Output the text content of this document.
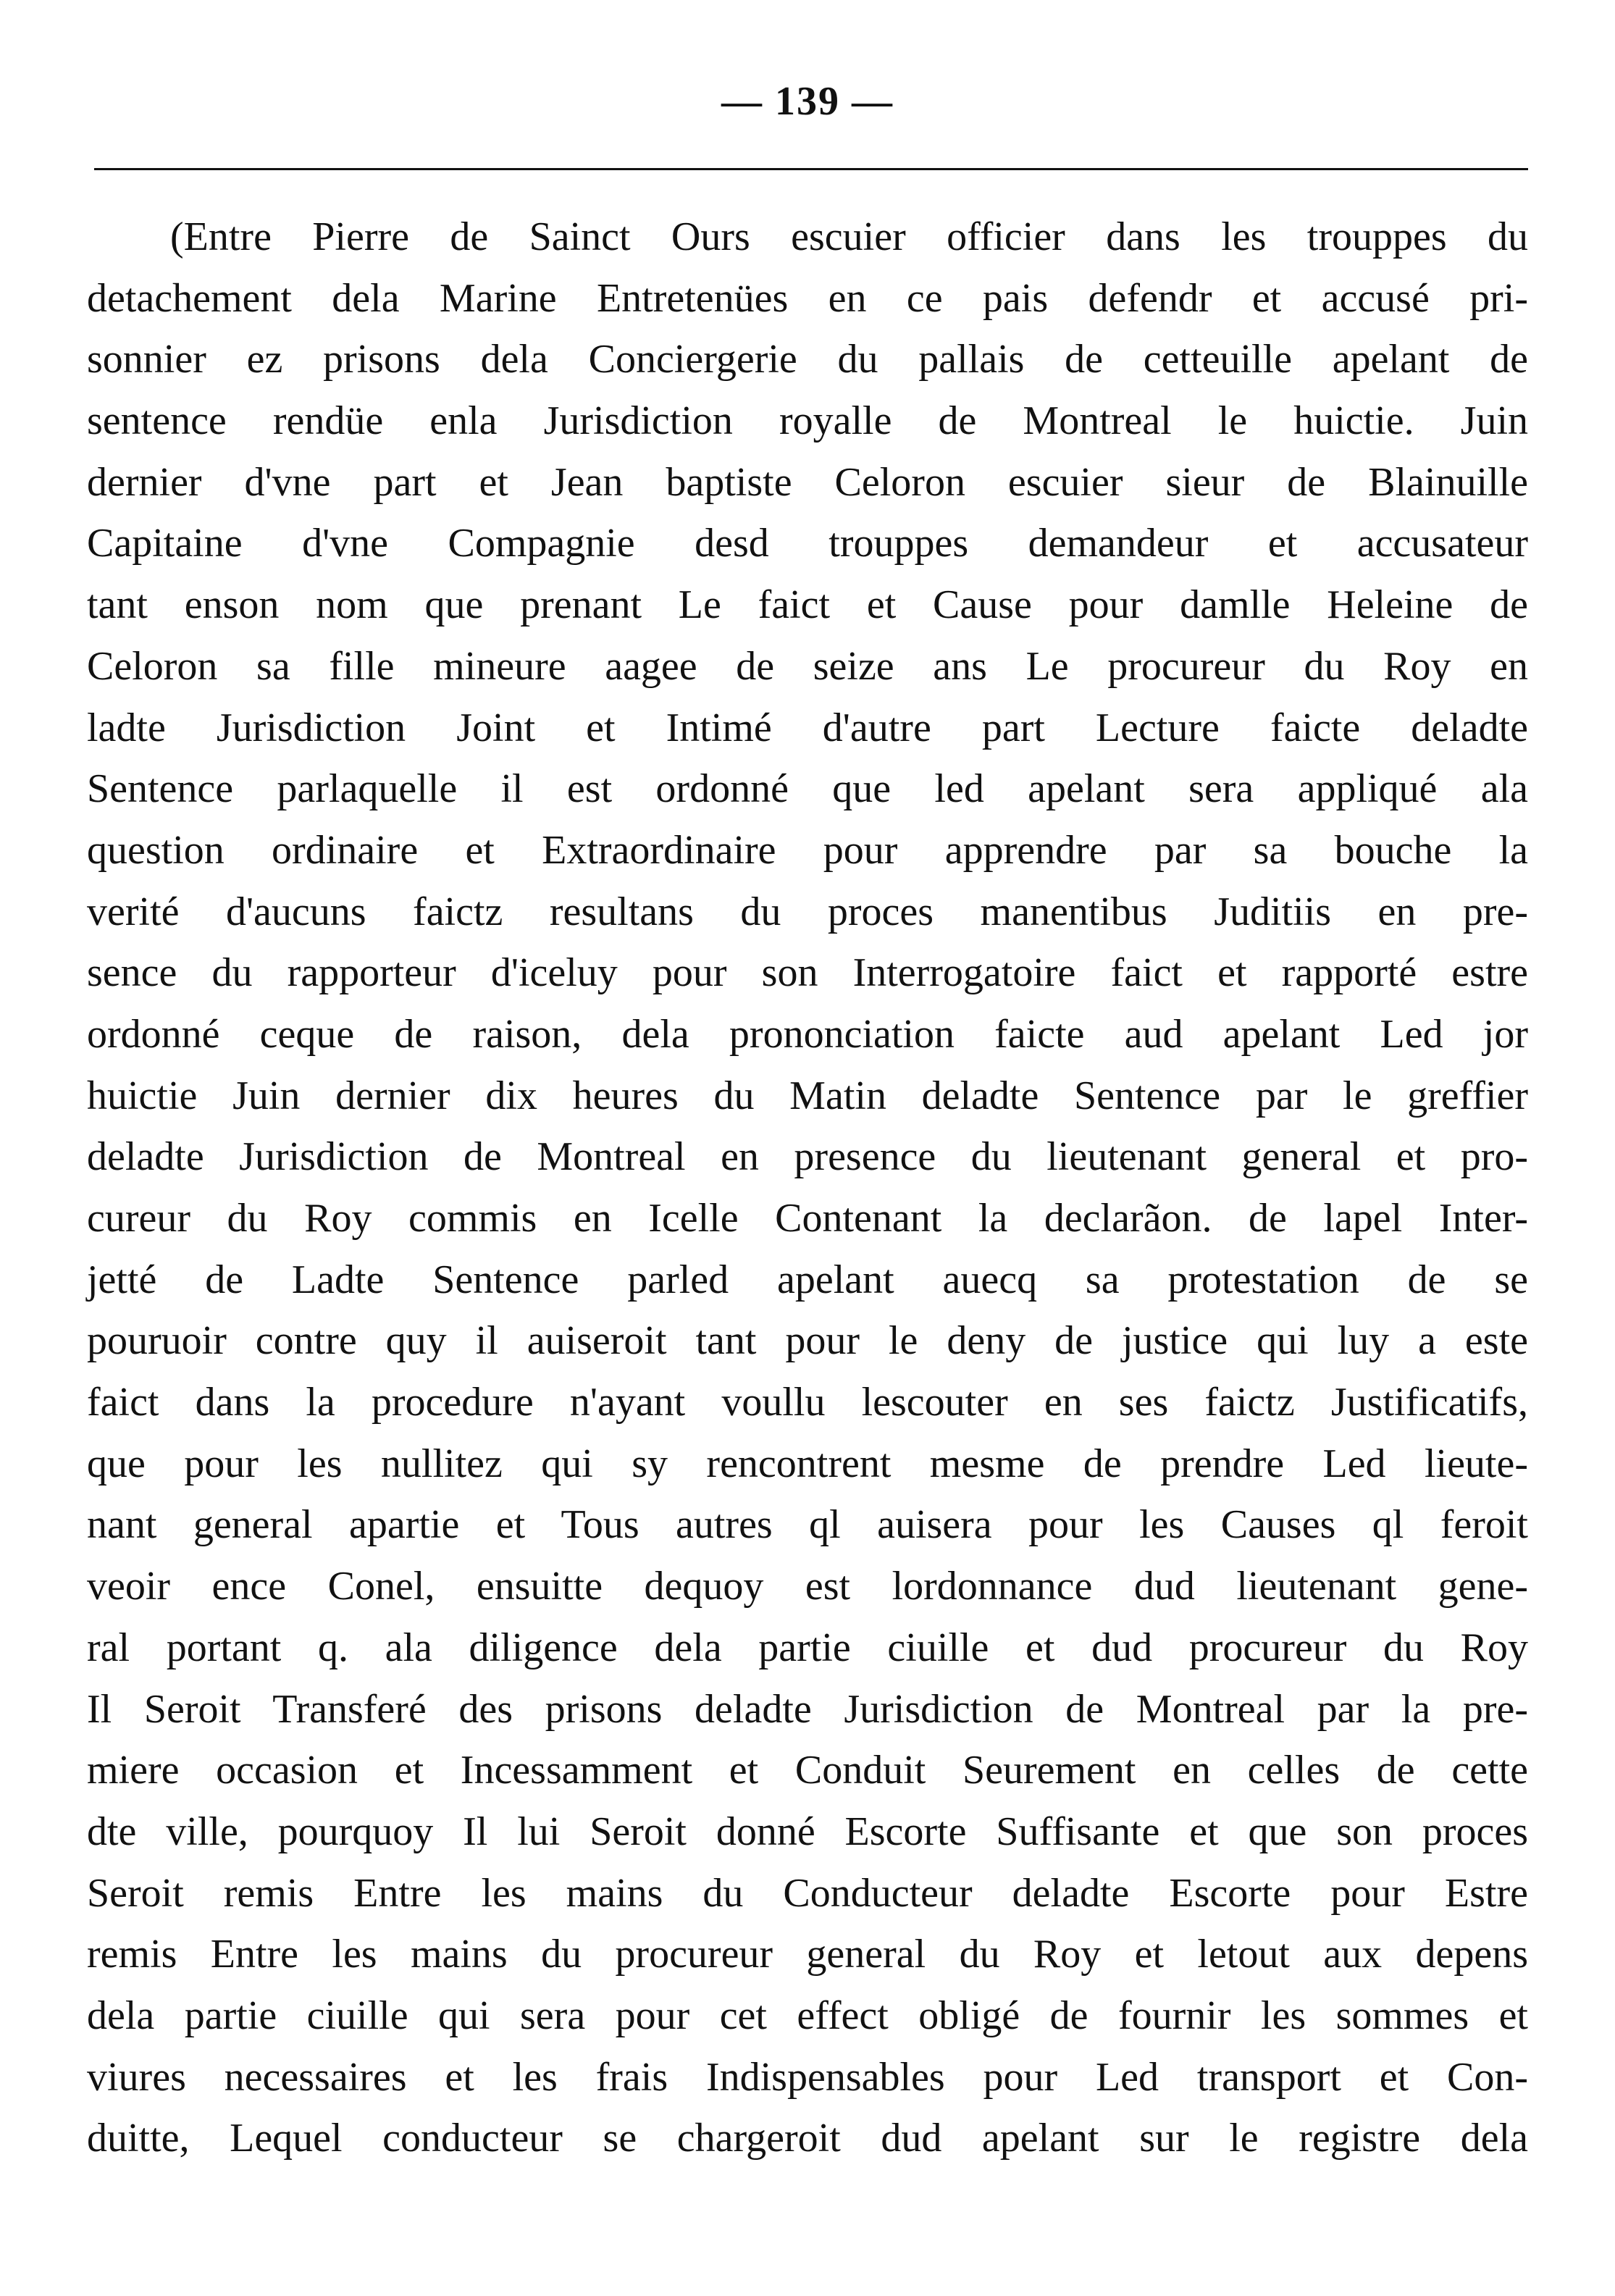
— 139 —
(Entre Pierre de Sainct Ours escuier officier dans les trouppes du
detachement dela Marine Entretenües en ce pais defendr et accusé pri-
sonnier ez prisons dela Conciergerie du pallais de cetteuille apelant de
sentence rendüe enla Jurisdiction royalle de Montreal le huictie. Juin
dernier d'vne part et Jean baptiste Celoron escuier sieur de Blainuille
Capitaine d'vne Compagnie desd trouppes demandeur et accusateur
tant enson nom que prenant Le faict et Cause pour damlle Heleine de
Celoron sa fille mineure aagee de seize ans Le procureur du Roy en
ladte Jurisdiction Joint et Intimé d'autre part Lecture faicte deladte
Sentence parlaquelle il est ordonné que led apelant sera appliqué ala
question ordinaire et Extraordinaire pour apprendre par sa bouche la
verité d'aucuns faictz resultans du proces manentibus Juditiis en pre-
sence du rapporteur d'iceluy pour son Interrogatoire faict et rapporté estre
ordonné ceque de raison, dela prononciation faicte aud apelant Led jor
huictie Juin dernier dix heures du Matin deladte Sentence par le greffier
deladte Jurisdiction de Montreal en presence du lieutenant general et pro-
cureur du Roy commis en Icelle Contenant la declarãon. de lapel Inter-
jetté de Ladte Sentence parled apelant auecq sa protestation de se
pouruoir contre quy il auiseroit tant pour le deny de justice qui luy a este
faict dans la procedure n'ayant voullu lescouter en ses faictz Justificatifs,
que pour les nullitez qui sy rencontrent mesme de prendre Led lieute-
nant general apartie et Tous autres ql auisera pour les Causes ql feroit
veoir ence Conel, ensuitte dequoy est lordonnance dud lieutenant gene-
ral portant q. ala diligence dela partie ciuille et dud procureur du Roy
Il Seroit Transferé des prisons deladte Jurisdiction de Montreal par la pre-
miere occasion et Incessamment et Conduit Seurement en celles de cette
dte ville, pourquoy Il lui Seroit donné Escorte Suffisante et que son proces
Seroit remis Entre les mains du Conducteur deladte Escorte pour Estre
remis Entre les mains du procureur general du Roy et letout aux depens
dela partie ciuille qui sera pour cet effect obligé de fournir les sommes et
viures necessaires et les frais Indispensables pour Led transport et Con-
duitte, Lequel conducteur se chargeroit dud apelant sur le registre dela
